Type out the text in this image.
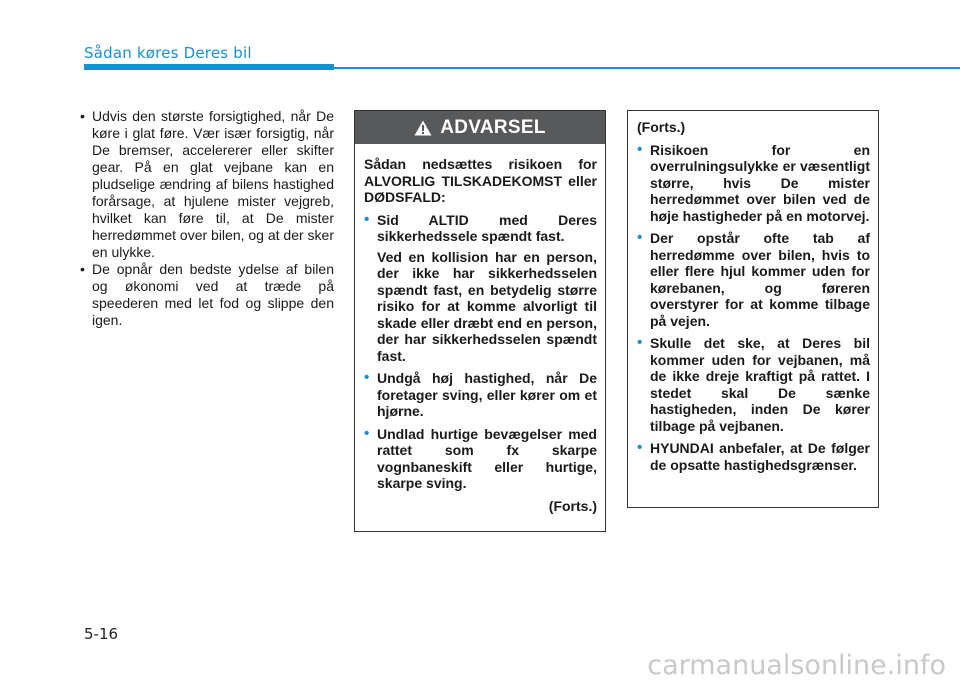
Sådan køres Deres bil
• Udvis den største forsigtighed, når De køre i glat føre. Vær især forsigtig, når De bremser, accelererer eller skifter gear. På en glat vejbane kan en pludselige ændring af bilens hastighed forårsage, at hjulene mister vejgreb, hvilket kan føre til, at De mister herredømmet over bilen, og at der sker en ulykke.
• De opnår den bedste ydelse af bilen og økonomi ved at træde på speederen med let fod og slippe den igen.
ADVARSEL

Sådan nedsættes risikoen for ALVORLIG TILSKADEKOMST eller DØDSFALD:

• Sid ALTID med Deres sikkerhedssele spændt fast.
Ved en kollision har en person, der ikke har sikkerhedsselen spændt fast, en betydelig større risiko for at komme alvorligt til skade eller dræbt end en person, der har sikkerhedsselen spændt fast.
• Undgå høj hastighed, når De foretager sving, eller kører om et hjørne.
• Undlad hurtige bevægelser med rattet som fx skarpe vognbaneskift eller hurtige, skarpe sving.
(Forts.)

(Forts.)

• Risikoen for en overrulningsulykke er væsentligt større, hvis De mister herredømmet over bilen ved de høje hastigheder på en motorvej.
• Der opstår ofte tab af herredømme over bilen, hvis to eller flere hjul kommer uden for kørebanen, og føreren overstyrer for at komme tilbage på vejen.
• Skulle det ske, at Deres bil kommer uden for vejbanen, må de ikke dreje kraftigt på rattet. I stedet skal De sænke hastigheden, inden De kører tilbage på vejbanen.
• HYUNDAI anbefaler, at De følger de opsatte hastighedsgrænser.
5-16
carmanualsonline.info
